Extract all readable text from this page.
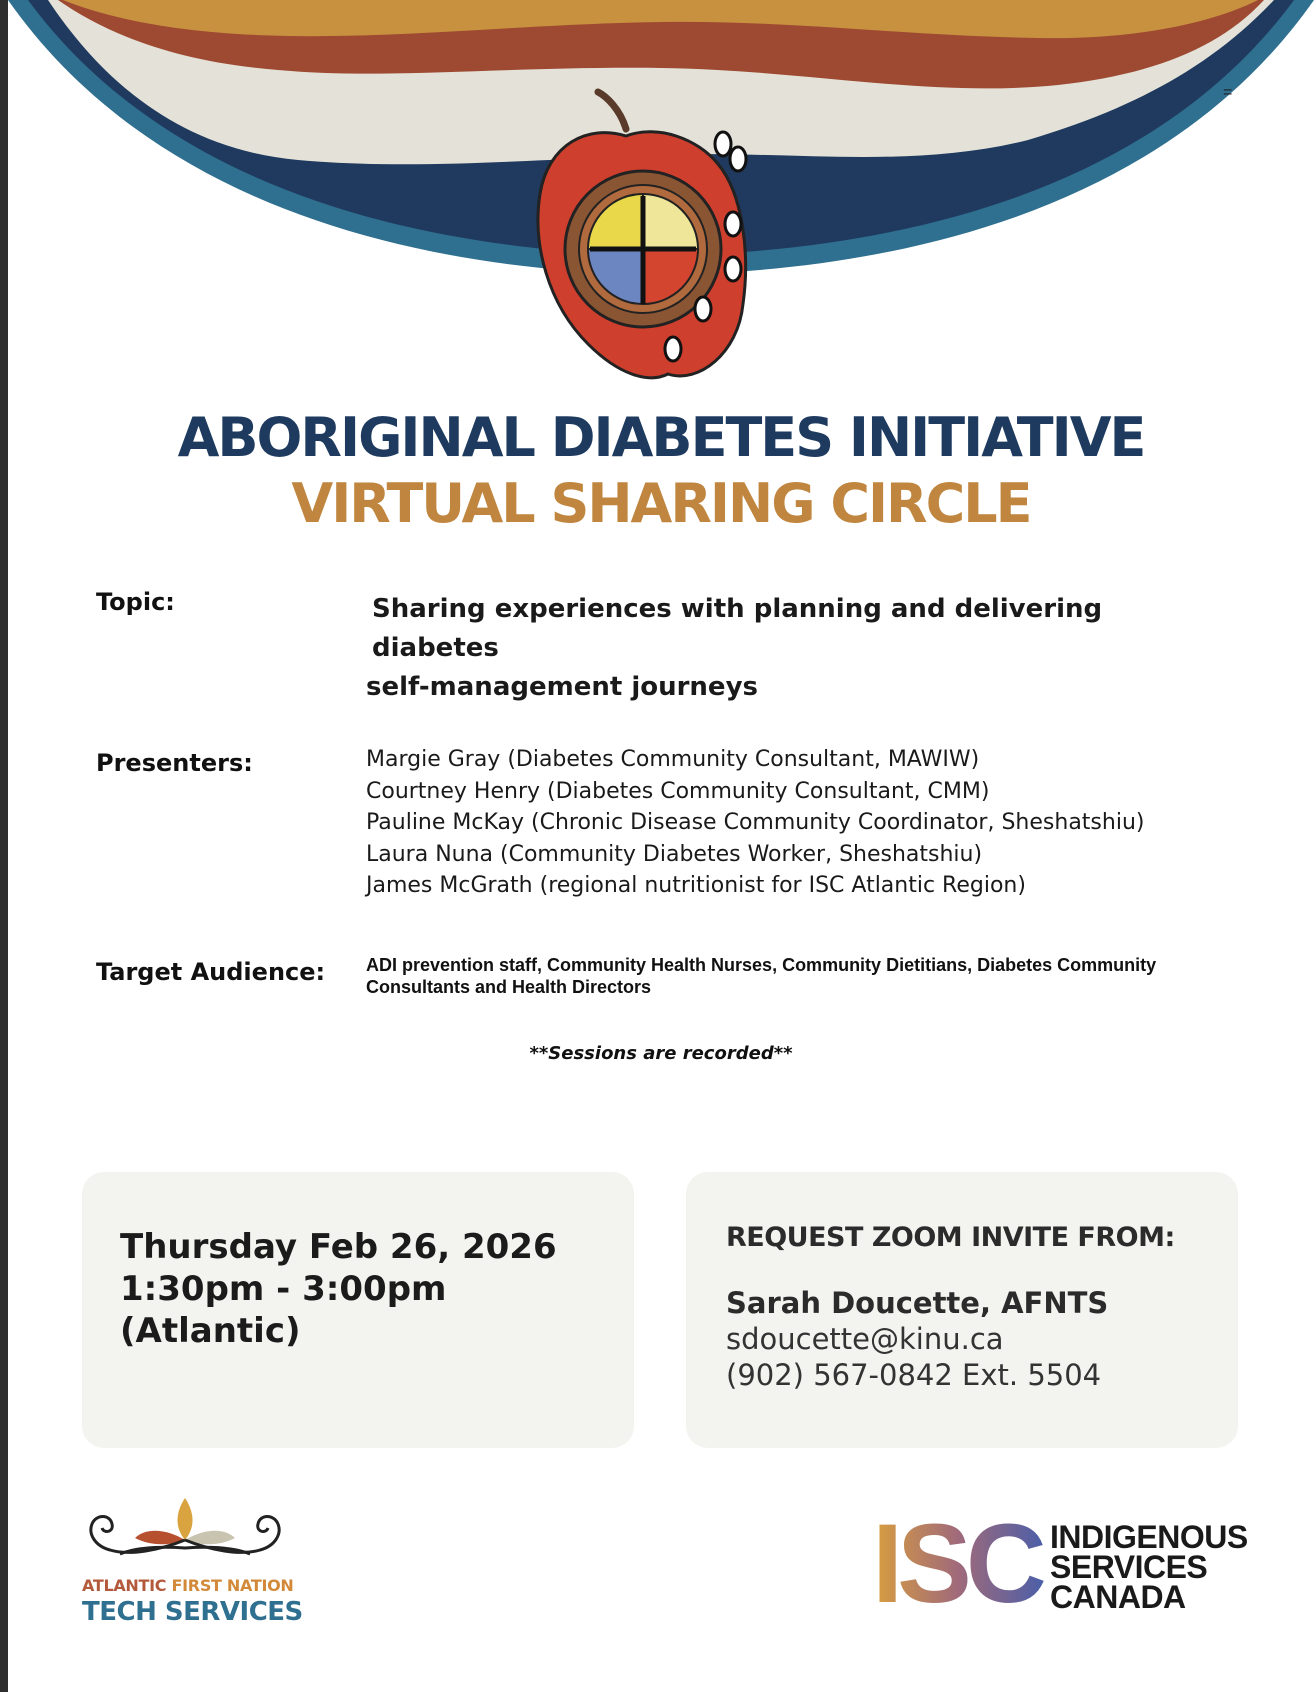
=
ABORIGINAL DIABETES INITIATIVE
VIRTUAL SHARING CIRCLE
Topic:	Sharing experiences with planning and delivering diabetes
self-management journeys
Presenters:	Margie Gray (Diabetes Community Consultant, MAWIW)
Courtney Henry (Diabetes Community Consultant, CMM)
Pauline McKay (Chronic Disease Community Coordinator, Sheshatshiu)
Laura Nuna (Community Diabetes Worker, Sheshatshiu)
James McGrath (regional nutritionist for ISC Atlantic Region)
Target Audience: ADI prevention staff, Community Health Nurses, Community Dietitians, Diabetes Community
Consultants and Health Directors
**Sessions are recorded**
Thursday Feb 26, 2026
1:30pm - 3:00pm
(Atlantic)
REQUEST ZOOM INVITE FROM:
Sarah Doucette, AFNTS
sdoucette@kinu.ca
(902) 567-0842 Ext. 5504
ATLANTIC FIRST NATION
TECH SERVICES	ISC INDIGENOUS
SERVICES
CANADA
